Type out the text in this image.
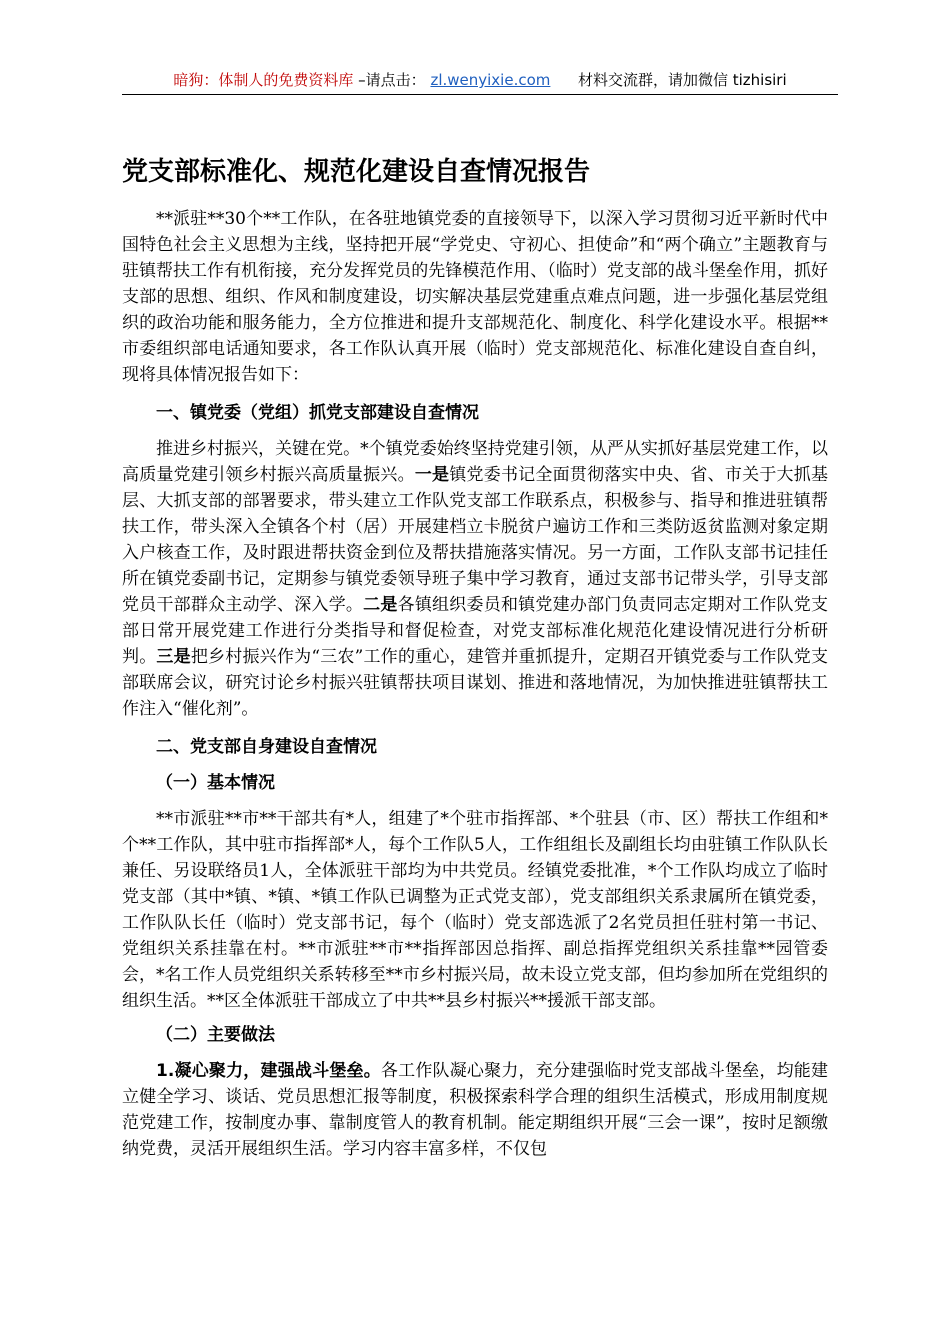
暗狗：体制人的免费资料库 –请点击： zl.wenyixie.com 材料交流群，请加微信 tizhisiri
党支部标准化、规范化建设自查情况报告

**派驻**30个**工作队，在各驻地镇党委的直接领导下，以深入学习贯彻习近平新时代中国特色社会主义思想为主线，坚持把开展“学党史、守初心、担使命”和“两个确立”主题教育与驻镇帮扶工作有机衔接，充分发挥党员的先锋模范作用、（临时）党支部的战斗堡垒作用，抓好支部的思想、组织、作风和制度建设，切实解决基层党建重点难点问题，进一步强化基层党组织的政治功能和服务能力，全方位推进和提升支部规范化、制度化、科学化建设水平。根据**市委组织部电话通知要求，各工作队认真开展（临时）党支部规范化、标准化建设自查自纠，现将具体情况报告如下：

一、镇党委（党组）抓党支部建设自查情况

推进乡村振兴，关键在党。*个镇党委始终坚持党建引领，从严从实抓好基层党建工作，以高质量党建引领乡村振兴高质量振兴。一是镇党委书记全面贯彻落实中央、省、市关于大抓基层、大抓支部的部署要求，带头建立工作队党支部工作联系点，积极参与、指导和推进驻镇帮扶工作，带头深入全镇各个村（居）开展建档立卡脱贫户遍访工作和三类防返贫监测对象定期入户核查工作，及时跟进帮扶资金到位及帮扶措施落实情况。另一方面，工作队支部书记挂任所在镇党委副书记，定期参与镇党委领导班子集中学习教育，通过支部书记带头学，引导支部党员干部群众主动学、深入学。二是各镇组织委员和镇党建办部门负责同志定期对工作队党支部日常开展党建工作进行分类指导和督促检查，对党支部标准化规范化建设情况进行分析研判。三是把乡村振兴作为“三农”工作的重心，建管并重抓提升，定期召开镇党委与工作队党支部联席会议，研究讨论乡村振兴驻镇帮扶项目谋划、推进和落地情况，为加快推进驻镇帮扶工作注入“催化剂”。

二、党支部自身建设自查情况
（一）基本情况

**市派驻**市**干部共有*人，组建了*个驻市指挥部、*个驻县（市、区）帮扶工作组和*个**工作队，其中驻市指挥部*人，每个工作队5人，工作组组长及副组长均由驻镇工作队队长兼任、另设联络员1人，全体派驻干部均为中共党员。经镇党委批准，*个工作队均成立了临时党支部（其中*镇、*镇、*镇工作队已调整为正式党支部），党支部组织关系隶属所在镇党委，工作队队长任（临时）党支部书记，每个（临时）党支部选派了2名党员担任驻村第一书记、党组织关系挂靠在村。**市派驻**市**指挥部因总指挥、副总指挥党组织关系挂靠**园管委会，*名工作人员党组织关系转移至**市乡村振兴局，故未设立党支部，但均参加所在党组织的组织生活。**区全体派驻干部成立了中共**县乡村振兴**援派干部支部。

（二）主要做法

1.凝心聚力，建强战斗堡垒。各工作队凝心聚力，充分建强临时党支部战斗堡垒，均能建立健全学习、谈话、党员思想汇报等制度，积极探索科学合理的组织生活模式，形成用制度规范党建工作，按制度办事、靠制度管人的教育机制。能定期组织开展“三会一课”，按时足额缴纳党费，灵活开展组织生活。学习内容丰富多样，不仅包
